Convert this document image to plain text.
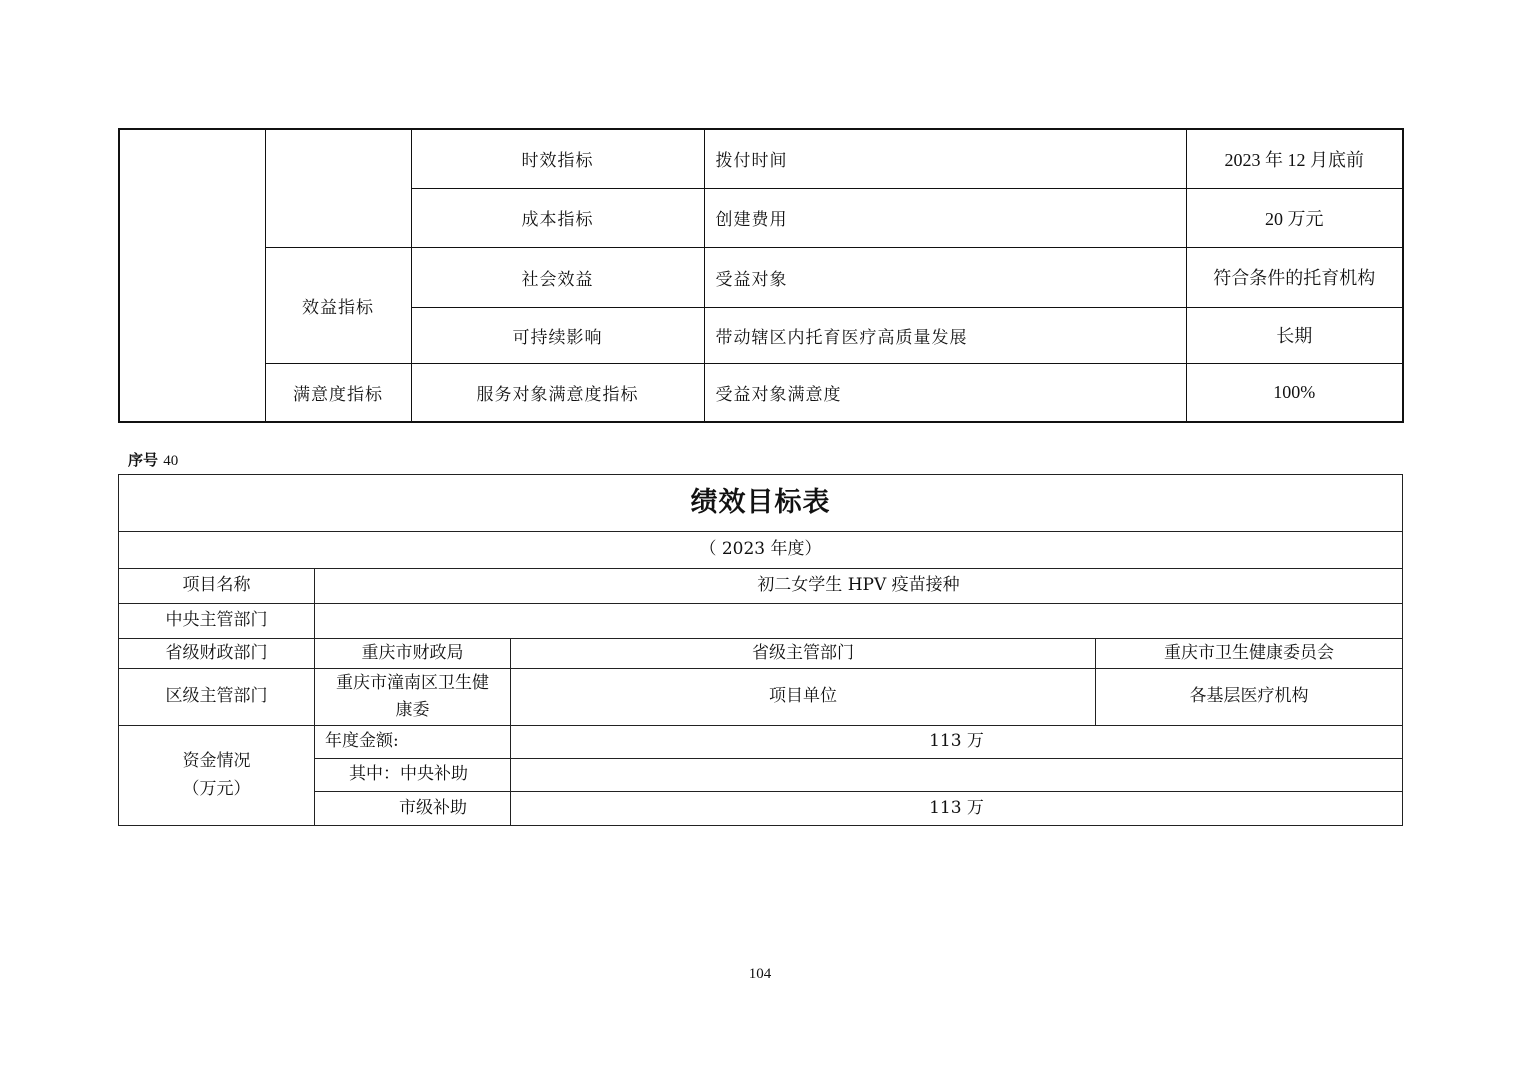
		时效指标	拨付时间	2023 年 12 月底前
		成本指标	创建费用	20 万元
	效益指标	社会效益	受益对象	符合条件的托育机构
		可持续影响	带动辖区内托育医疗高质量发展	长期
	满意度指标	服务对象满意度指标	受益对象满意度	100%
序号 40
绩效目标表			
（ 2023 年度）			
项目名称	初二女学生 HPV 疫苗接种		
中央主管部门			
省级财政部门	重庆市财政局	省级主管部门	重庆市卫生健康委员会
区级主管部门	重庆市潼南区卫生健康委	项目单位	各基层医疗机构

资金情况
（万元）	年度金额:	113 万	
	其中：中央补助		
	市级补助	113 万	
104
